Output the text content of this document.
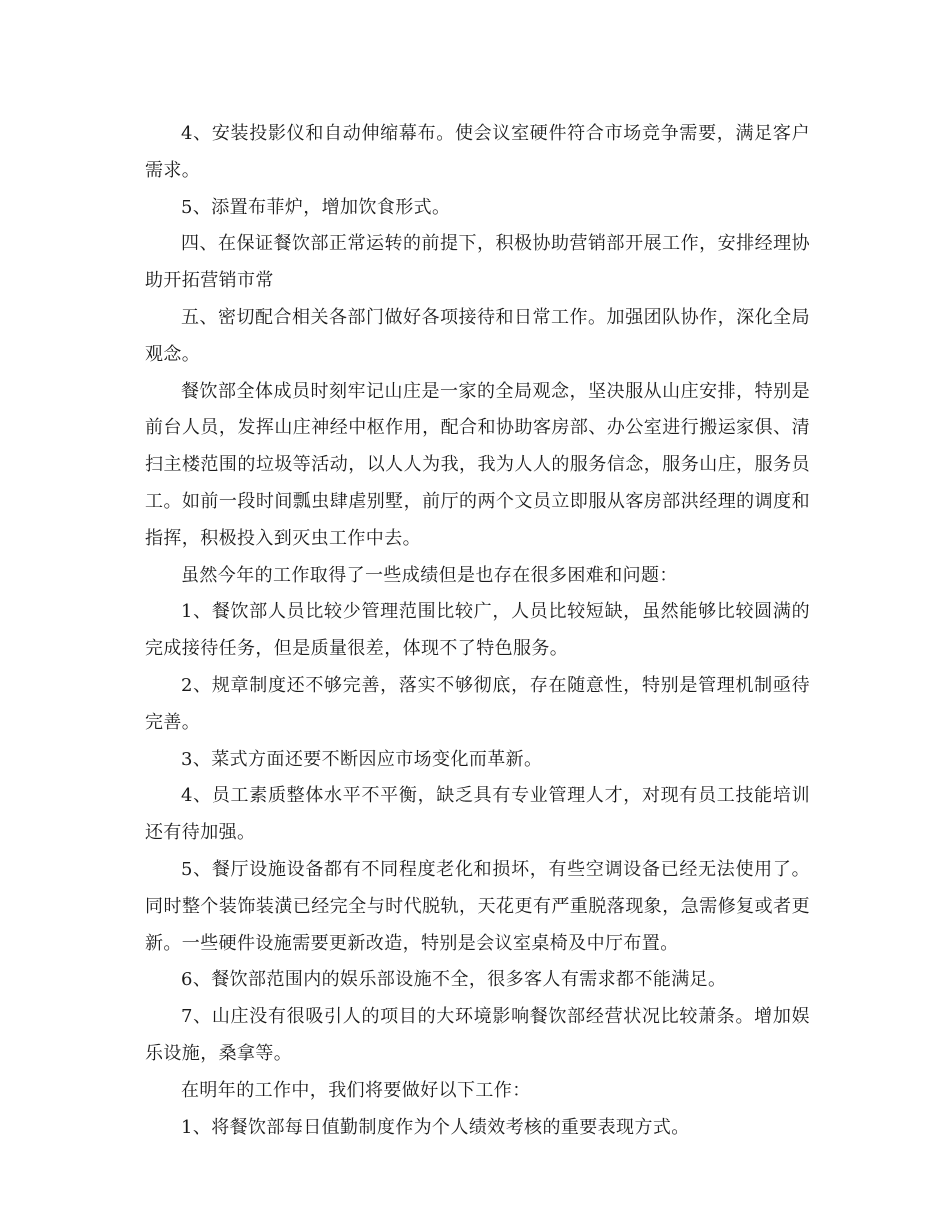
4、安装投影仪和自动伸缩幕布。使会议室硬件符合市场竞争需要，满足客户需求。

5、添置布菲炉，增加饮食形式。

四、在保证餐饮部正常运转的前提下，积极协助营销部开展工作，安排经理协助开拓营销市常

五、密切配合相关各部门做好各项接待和日常工作。加强团队协作，深化全局观念。

餐饮部全体成员时刻牢记山庄是一家的全局观念，坚决服从山庄安排，特别是前台人员，发挥山庄神经中枢作用，配合和协助客房部、办公室进行搬运家俱、清扫主楼范围的垃圾等活动，以人人为我，我为人人的服务信念，服务山庄，服务员工。如前一段时间瓢虫肆虐别墅，前厅的两个文员立即服从客房部洪经理的调度和指挥，积极投入到灭虫工作中去。

虽然今年的工作取得了一些成绩但是也存在很多困难和问题：

1、餐饮部人员比较少管理范围比较广，人员比较短缺，虽然能够比较圆满的完成接待任务，但是质量很差，体现不了特色服务。

2、规章制度还不够完善，落实不够彻底，存在随意性，特别是管理机制亟待完善。

3、菜式方面还要不断因应市场变化而革新。

4、员工素质整体水平不平衡，缺乏具有专业管理人才，对现有员工技能培训还有待加强。

5、餐厅设施设备都有不同程度老化和损坏，有些空调设备已经无法使用了。同时整个装饰装潢已经完全与时代脱轨，天花更有严重脱落现象，急需修复或者更新。一些硬件设施需要更新改造，特别是会议室桌椅及中厅布置。

6、餐饮部范围内的娱乐部设施不全，很多客人有需求都不能满足。

7、山庄没有很吸引人的项目的大环境影响餐饮部经营状况比较萧条。增加娱乐设施，桑拿等。

在明年的工作中，我们将要做好以下工作：

1、将餐饮部每日值勤制度作为个人绩效考核的重要表现方式。
